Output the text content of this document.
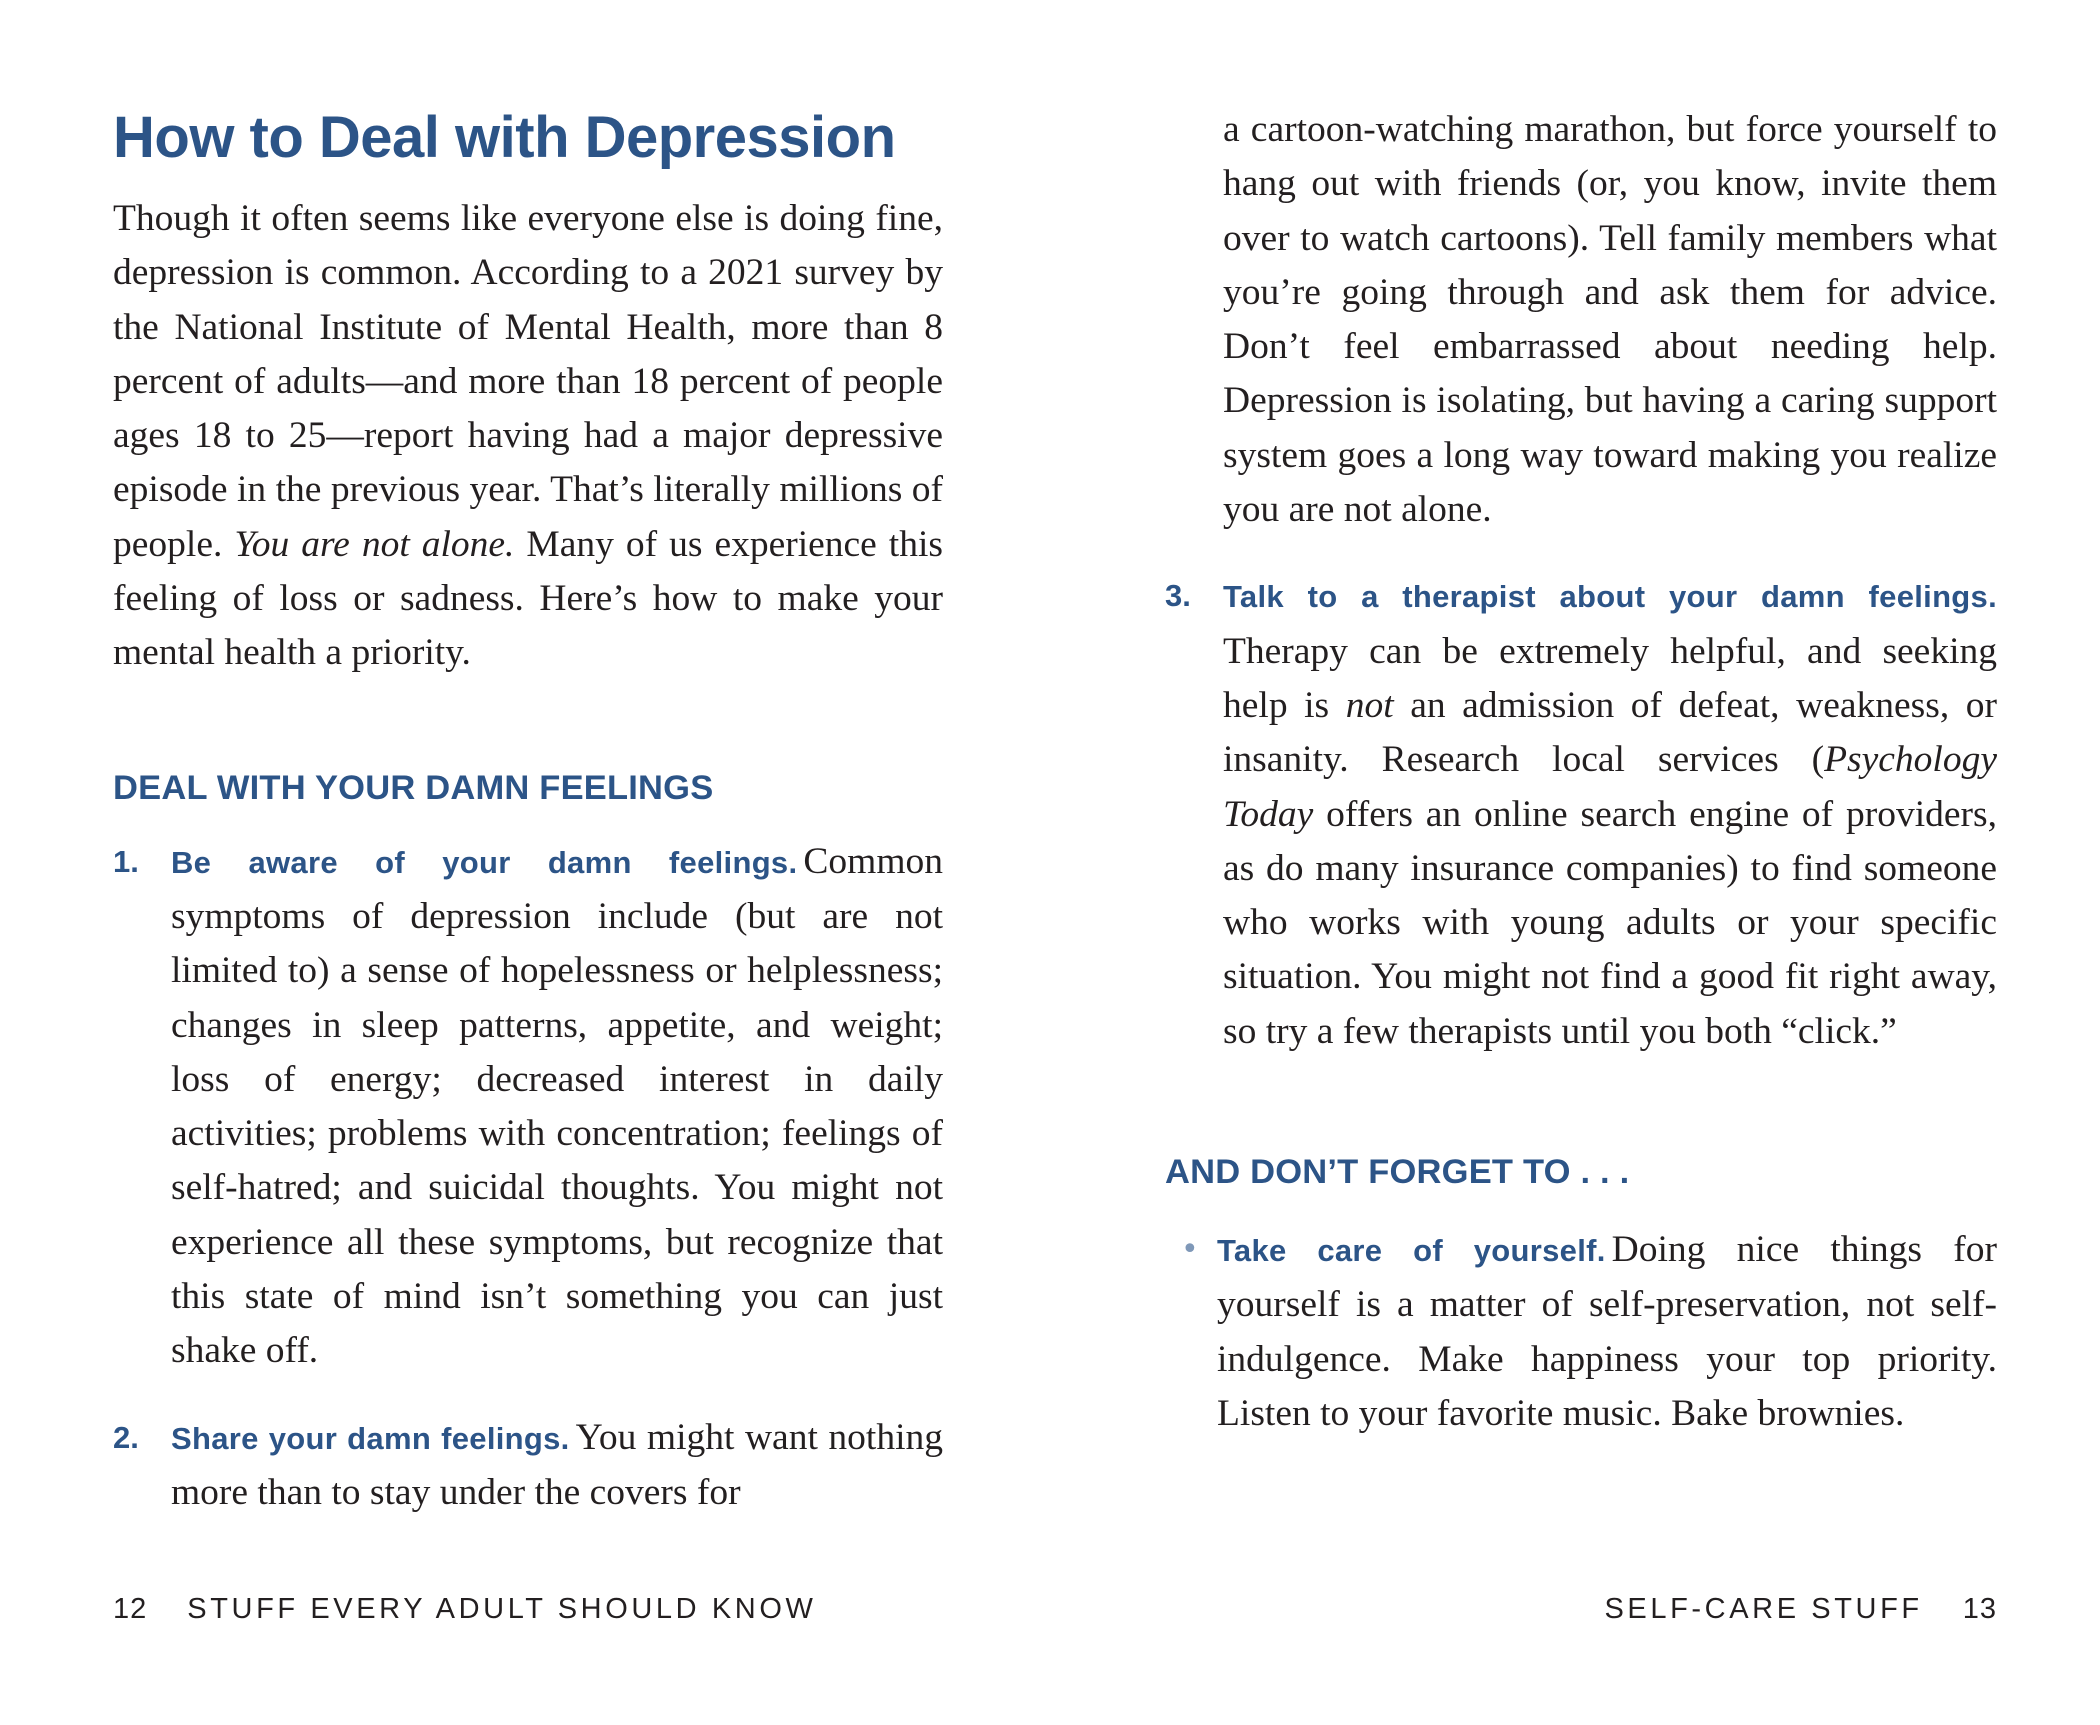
How to Deal with Depression

Though it often seems like everyone else is doing fine, depression is common. According to a 2021 survey by the National Institute of Mental Health, more than 8 percent of adults—and more than 18 percent of people ages 18 to 25—report having had a major depressive episode in the previous year. That’s literally millions of people. You are not alone. Many of us experience this feeling of loss or sadness. Here’s how to make your mental health a priority.

DEAL WITH YOUR DAMN FEELINGS
1. Be aware of your damn feelings. Common symptoms of depression include (but are not limited to) a sense of hopelessness or helplessness; changes in sleep patterns, appetite, and weight; loss of energy; decreased interest in daily activities; problems with concentration; feelings of self-hatred; and suicidal thoughts. You might not experience all these symptoms, but recognize that this state of mind isn’t something you can just shake off.
2. Share your damn feelings. You might want nothing more than to stay under the covers for
12 STUFF EVERY ADULT SHOULD KNOW

a cartoon-watching marathon, but force yourself to hang out with friends (or, you know, invite them over to watch cartoons). Tell family members what you’re going through and ask them for advice. Don’t feel embarrassed about needing help. Depression is isolating, but having a caring support system goes a long way toward making you realize you are not alone.

3. Talk to a therapist about your damn feelings. Therapy can be extremely helpful, and seeking help is not an admission of defeat, weakness, or insanity. Research local services (Psychology Today offers an online search engine of providers, as do many insurance companies) to find someone who works with young adults or your specific situation. You might not find a good fit right away, so try a few therapists until you both “click.”
AND DON’T FORGET TO . . .
• Take care of yourself. Doing nice things for yourself is a matter of self-preservation, not self-indulgence. Make happiness your top priority. Listen to your favorite music. Bake brownies.
SELF-CARE STUFF 13
